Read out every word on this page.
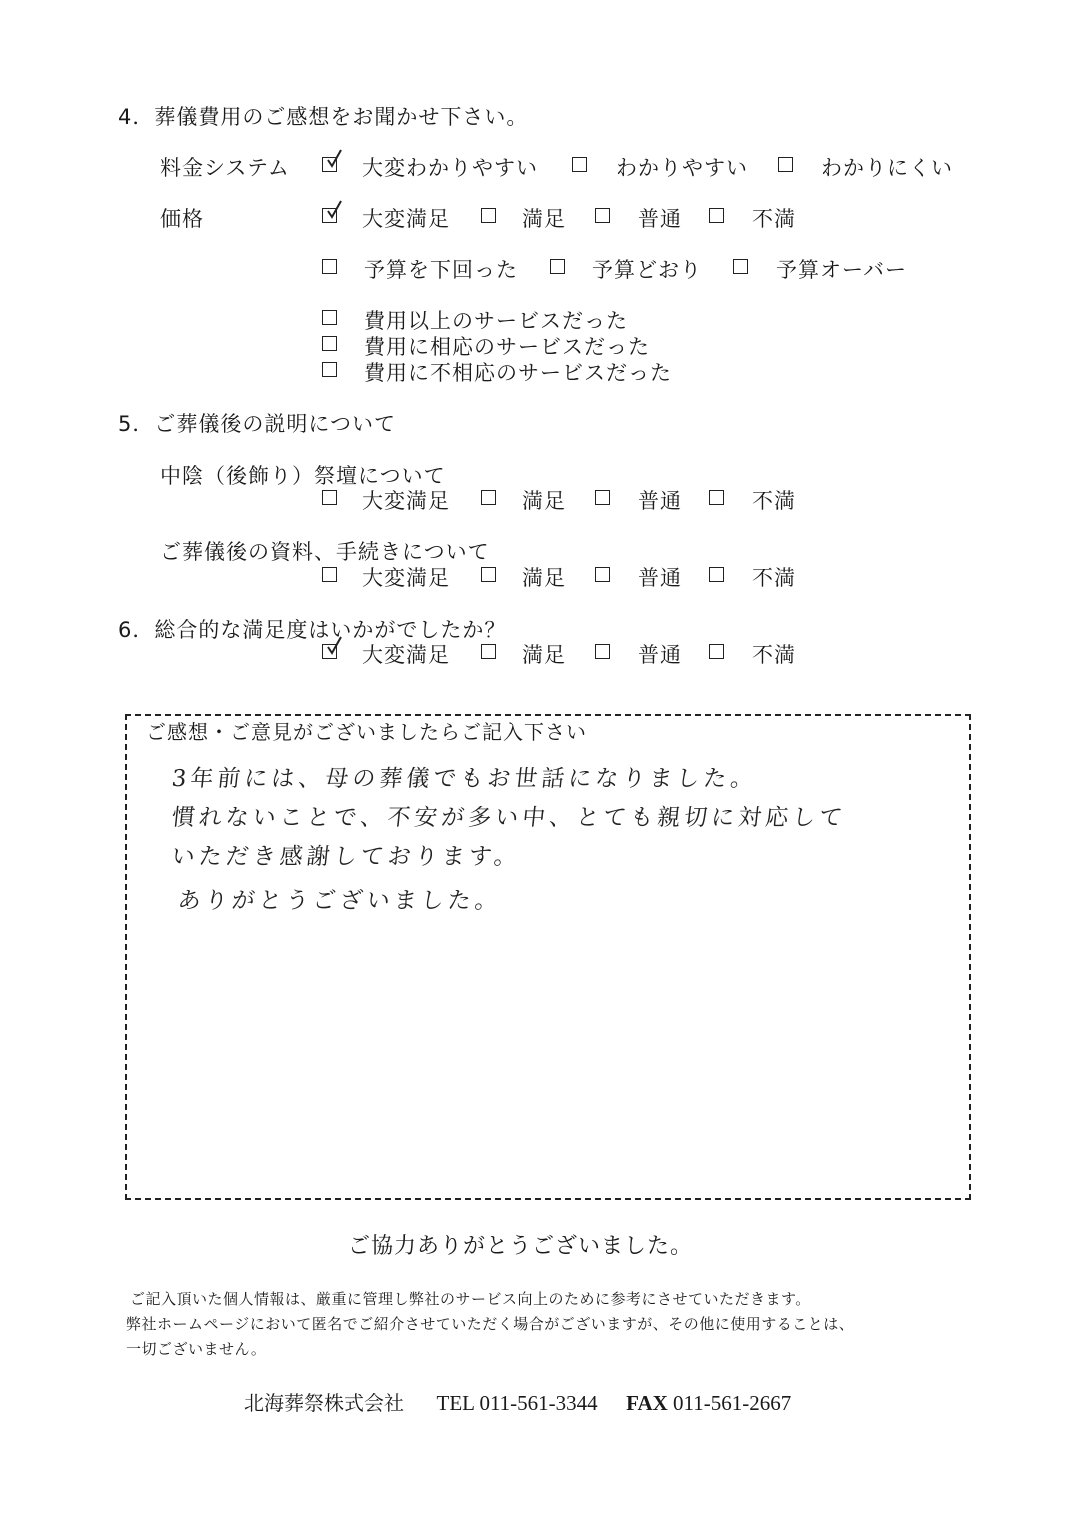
4．葬儀費用のご感想をお聞かせ下さい。
料金システム	大変わかりやすい	わかりやすい	わかりにくい
価格	大変満足	満足	普通	不満
予算を下回った	予算どおり	予算オーバー
費用以上のサービスだった
費用に相応のサービスだった
費用に不相応のサービスだった
5．ご葬儀後の説明について
中陰（後飾り）祭壇について
大変満足	満足	普通	不満
ご葬儀後の資料、手続きについて
大変満足	満足	普通	不満
6．総合的な満足度はいかがでしたか？
大変満足	満足	普通	不満
ご感想・ご意見がございましたらご記入下さい
3年前には、母の葬儀でもお世話になりました。
慣れないことで、不安が多い中、とても親切に対応して
いただき感謝しております。
ありがとうございました。
ご協力ありがとうございました。
ご記入頂いた個人情報は、厳重に管理し弊社のサービス向上のために参考にさせていただきます。
弊社ホームページにおいて匿名でご紹介させていただく場合がございますが、その他に使用することは、
一切ございません。
北海葬祭株式会社 TEL 011-561-3344 FAX 011-561-2667
